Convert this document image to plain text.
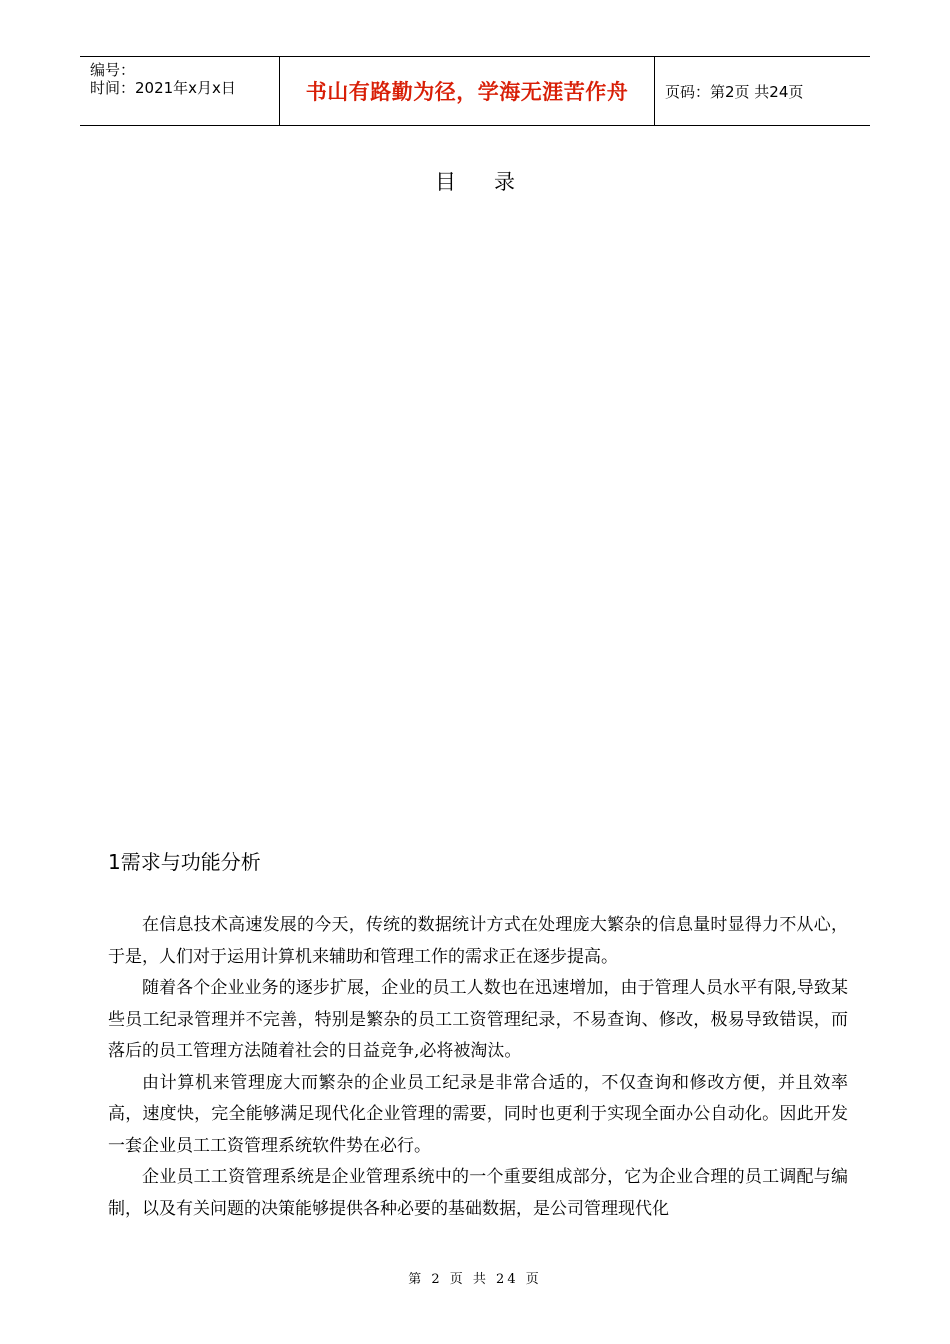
编号：
时间：2021年x月x日	书山有路勤为径，学海无涯苦作舟	页码：第2页 共24页
目录
1需求与功能分析

在信息技术高速发展的今天，传统的数据统计方式在处理庞大繁杂的信息量时显得力不从心，于是，人们对于运用计算机来辅助和管理工作的需求正在逐步提高。

随着各个企业业务的逐步扩展，企业的员工人数也在迅速增加，由于管理人员水平有限,导致某些员工纪录管理并不完善，特别是繁杂的员工工资管理纪录，不易查询、修改，极易导致错误，而落后的员工管理方法随着社会的日益竞争,必将被淘汰。

由计算机来管理庞大而繁杂的企业员工纪录是非常合适的，不仅查询和修改方便，并且效率高，速度快，完全能够满足现代化企业管理的需要，同时也更利于实现全面办公自动化。因此开发一套企业员工工资管理系统软件势在必行。

企业员工工资管理系统是企业管理系统中的一个重要组成部分，它为企业合理的员工调配与编制，以及有关问题的决策能够提供各种必要的基础数据，是公司管理现代化

第 2 页 共 24 页
